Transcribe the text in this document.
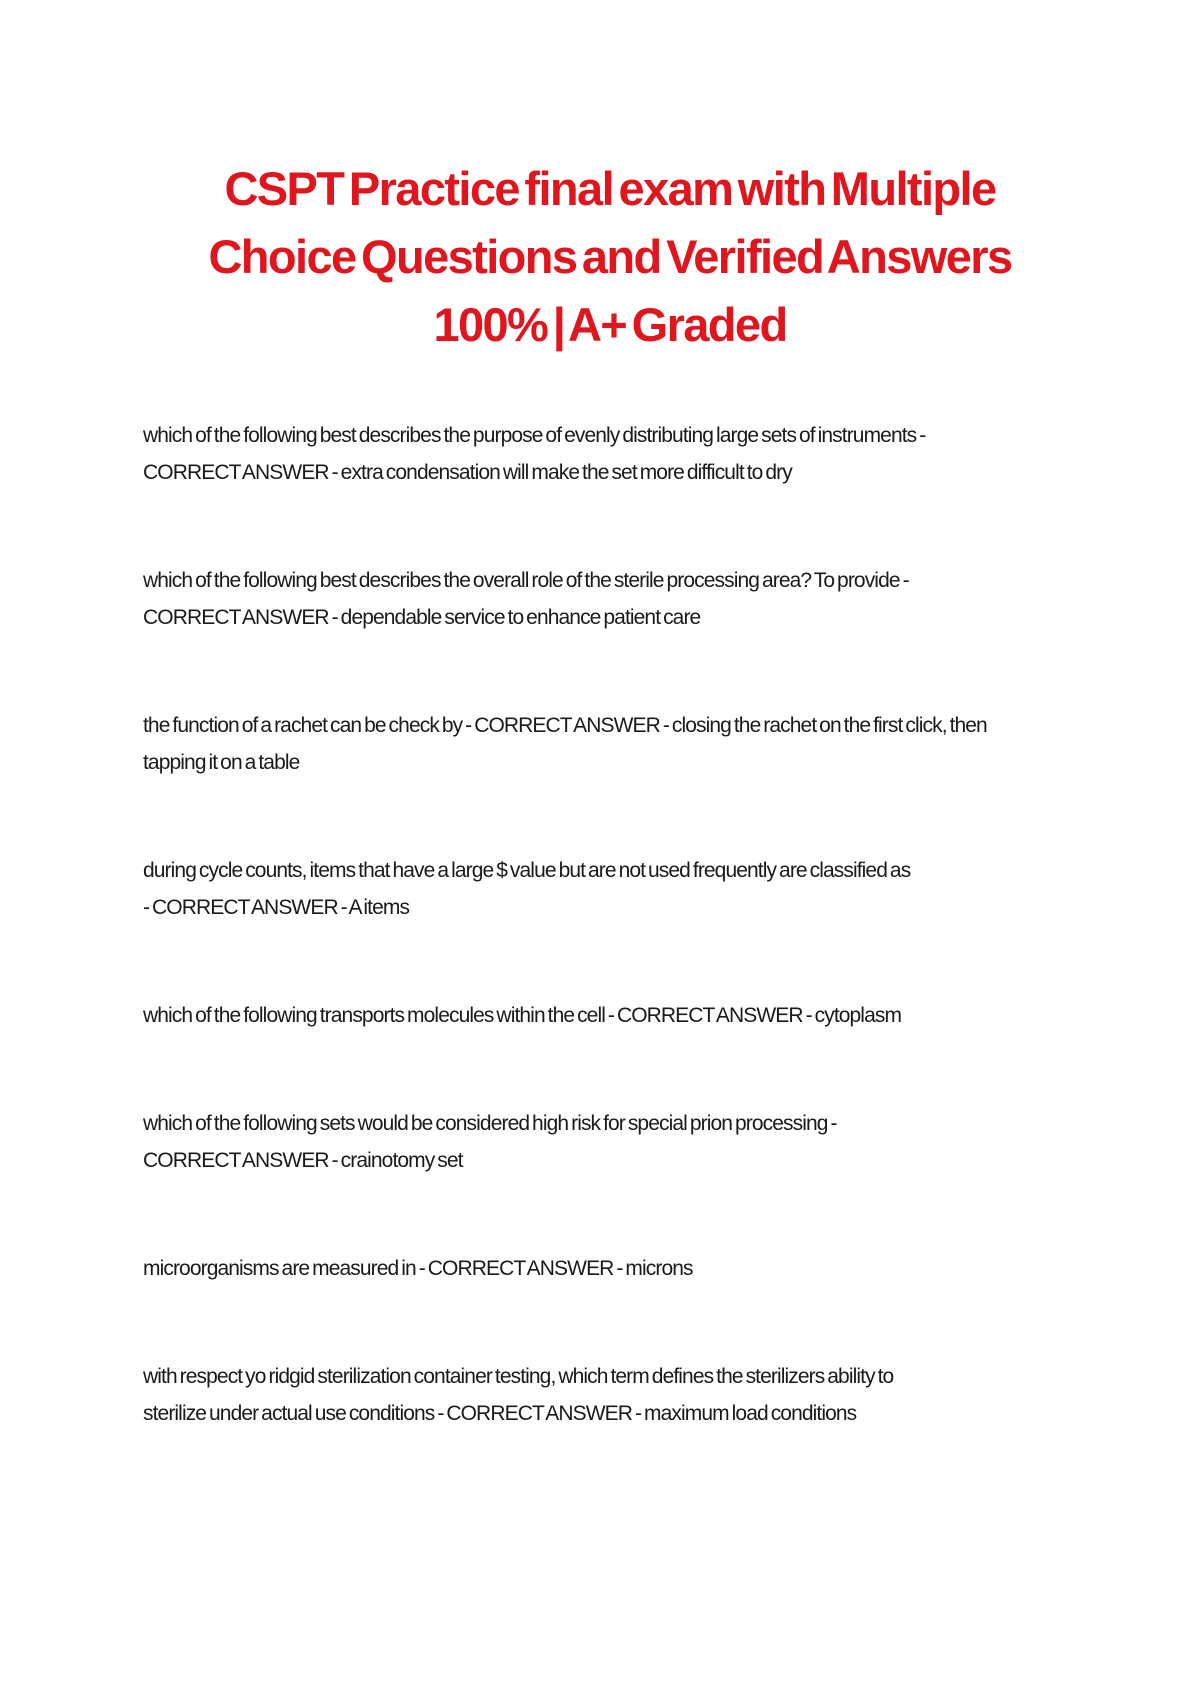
CSPT Practice final exam with Multiple
Choice Questions and Verified Answers
100% | A+ Graded
which of the following best describes the purpose of evenly distributing large sets of instruments -
CORRECT ANSWER - extra condensation will make the set more difficult to dry
which of the following best describes the overall role of the sterile processing area? To provide -
CORRECT ANSWER - dependable service to enhance patient care
the function of a rachet can be check by - CORRECT ANSWER - closing the rachet on the first click, then
tapping it on a table
during cycle counts, items that have a large $ value but are not used frequently are classified as
- CORRECT ANSWER - A items
which of the following transports molecules within the cell - CORRECT ANSWER - cytoplasm
which of the following sets would be considered high risk for special prion processing -
CORRECT ANSWER - crainotomy set
microorganisms are measured in - CORRECT ANSWER - microns
with respect yo ridgid sterilization container testing, which term defines the sterilizers ability to
sterilize under actual use conditions - CORRECT ANSWER - maximum load conditions
